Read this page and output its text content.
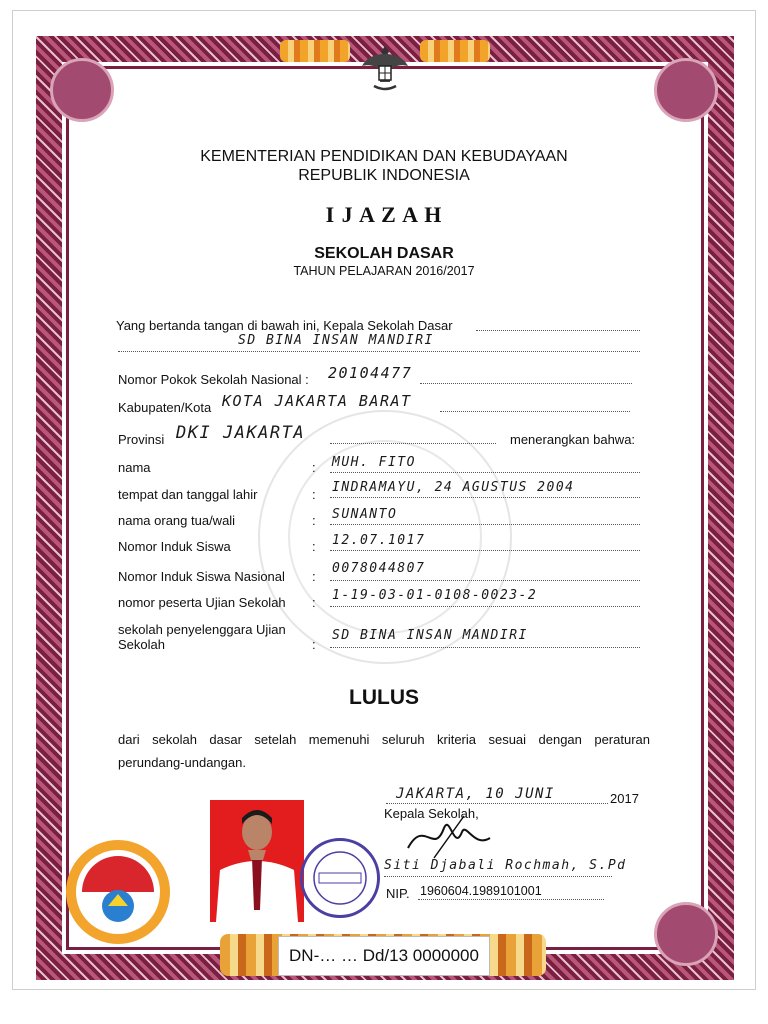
KEMENTERIAN PENDIDIKAN DAN KEBUDAYAAN
REPUBLIK INDONESIA
I J A Z A H
SEKOLAH DASAR
TAHUN PELAJARAN 2016/2017
Yang bertanda tangan di bawah ini, Kepala Sekolah Dasar
SD BINA INSAN MANDIRI
Nomor Pokok Sekolah Nasional : 20104477
Kabupaten/Kota KOTA JAKARTA BARAT
Provinsi DKI JAKARTA	menerangkan bahwa:
nama	: MUH. FITO
tempat dan tanggal lahir	: INDRAMAYU, 24 AGUSTUS 2004
nama orang tua/wali	: SUNANTO
Nomor Induk Siswa	: 12.07.1017
Nomor Induk Siswa Nasional :
0078044807
nomor peserta Ujian Sekolah : 1-19-03-01-0108-0023-2
sekolah penyelenggara Ujian
Sekolah	:
SD BINA INSAN MANDIRI
LULUS
dari sekolah dasar setelah memenuhi seluruh kriteria sesuai dengan peraturan
perundang-undangan.
JAKARTA, 10 JUNI	2017
Kepala Sekolah,
Siti Djabali Rochmah, S.Pd
NIP. 1960604.1989101001
DN-… … Dd/13 0000000
